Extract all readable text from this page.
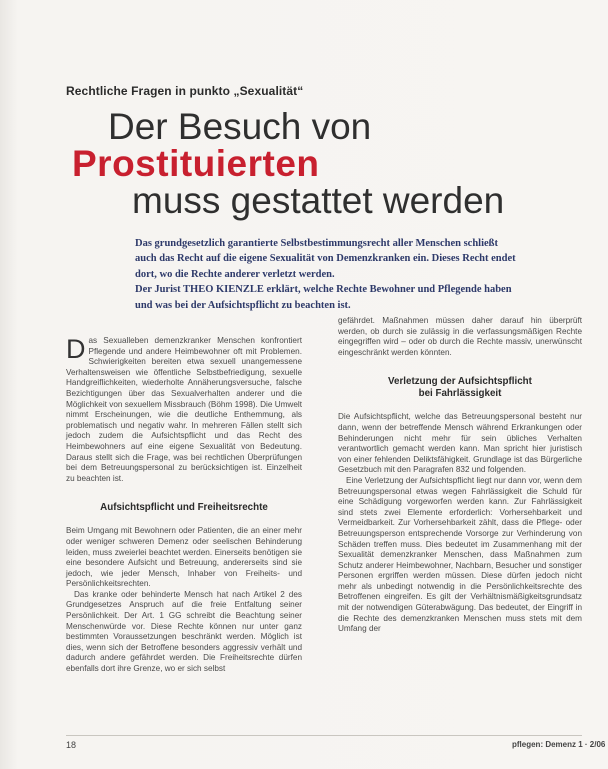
Rechtliche Fragen in punkto „Sexualität“
Der Besuch von
Prostituierten
muss gestattet werden

Das grundgesetzlich garantierte Selbstbestimmungsrecht aller Menschen schließt auch das Recht auf die eigene Sexualität von Demenzkranken ein. Dieses Recht endet dort, wo die Rechte anderer verletzt werden.

Der Jurist THEO KIENZLE erklärt, welche Rechte Bewohner und Pflegende haben und was bei der Aufsichtspflicht zu beachten ist.

Das Sexualleben demenzkranker Menschen konfrontiert Pflegende und andere Heimbewohner oft mit Problemen. Schwierigkeiten bereiten etwa sexuell unangemessene Verhaltensweisen wie öffentliche Selbstbefriedigung, sexuelle Handgreiflichkeiten, wiederholte Annäherungsversuche, falsche Bezichtigungen über das Sexualverhalten anderer und die Möglichkeit von sexuellem Missbrauch (Böhm 1998). Die Umwelt nimmt Erscheinungen, wie die deutliche Enthemmung, als problematisch und negativ wahr. In mehreren Fällen stellt sich jedoch zudem die Aufsichtspflicht und das Recht des Heimbewohners auf eine eigene Sexualität von Bedeutung. Daraus stellt sich die Frage, was bei rechtlichen Überprüfungen bei dem Betreuungspersonal zu berücksichtigen ist. Einzelheit zu beachten ist.

Aufsichtspflicht und Freiheitsrechte

Beim Umgang mit Bewohnern oder Patienten, die an einer mehr oder weniger schweren Demenz oder seelischen Behinderung leiden, muss zweierlei beachtet werden. Einerseits benötigen sie eine besondere Aufsicht und Betreuung, andererseits sind sie jedoch, wie jeder Mensch, Inhaber von Freiheits- und Persönlichkeitsrechten.

Das kranke oder behinderte Mensch hat nach Artikel 2 des Grundgesetzes Anspruch auf die freie Entfaltung seiner Persönlichkeit. Der Art. 1 GG schreibt die Beachtung seiner Menschenwürde vor. Diese Rechte können nur unter ganz bestimmten Voraussetzungen beschränkt werden. Möglich ist dies, wenn sich der Betroffene besonders aggressiv verhält und dadurch andere gefährdet werden. Die Freiheitsrechte dürfen ebenfalls dort ihre Grenze, wo er sich selbst

gefährdet. Maßnahmen müssen daher darauf hin überprüft werden, ob durch sie zulässig in die verfassungsmäßigen Rechte eingegriffen wird – oder ob durch die Rechte massiv, unerwünscht eingeschränkt werden könnten.

Verletzung der Aufsichtspflicht
bei Fahrlässigkeit

Die Aufsichtspflicht, welche das Betreuungspersonal besteht nur dann, wenn der betreffende Mensch während Erkrankungen oder Behinderungen nicht mehr für sein übliches Verhalten verantwortlich gemacht werden kann. Man spricht hier juristisch von einer fehlenden Deliktsfähigkeit. Grundlage ist das Bürgerliche Gesetzbuch mit den Paragrafen 832 und folgenden.

Eine Verletzung der Aufsichtspflicht liegt nur dann vor, wenn dem Betreuungspersonal etwas wegen Fahrlässigkeit die Schuld für eine Schädigung vorgeworfen werden kann. Zur Fahrlässigkeit sind stets zwei Elemente erforderlich: Vorhersehbarkeit und Vermeidbarkeit. Zur Vorhersehbarkeit zählt, dass die Pflege- oder Betreuungsperson entsprechende Vorsorge zur Verhinderung von Schäden treffen muss. Dies bedeutet im Zusammenhang mit der Sexualität demenzkranker Menschen, dass Maßnahmen zum Schutz anderer Heimbewohner, Nachbarn, Besucher und sonstiger Personen ergriffen werden müssen. Diese dürfen jedoch nicht mehr als unbedingt notwendig in die Persönlichkeitsrechte des Betroffenen eingreifen. Es gilt der Verhältnismäßigkeitsgrundsatz mit der notwendigen Güterabwägung. Das bedeutet, der Eingriff in die Rechte des demenzkranken Menschen muss stets mit dem Umfang der

18	pflegen: Demenz 1 · 2/06
